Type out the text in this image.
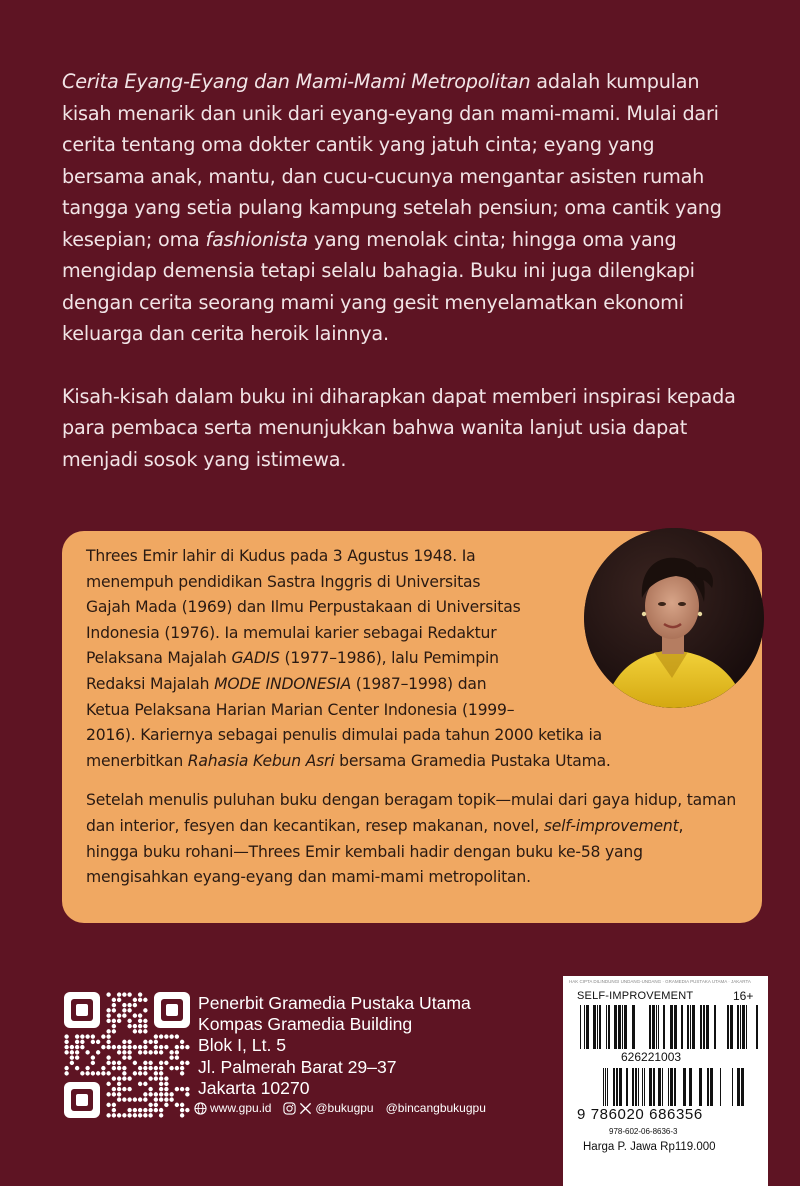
Cerita Eyang-Eyang dan Mami-Mami Metropolitan adalah kumpulan kisah menarik dan unik dari eyang-eyang dan mami-mami. Mulai dari cerita tentang oma dokter cantik yang jatuh cinta; eyang yang bersama anak, mantu, dan cucu-cucunya mengantar asisten rumah tangga yang setia pulang kampung setelah pensiun; oma cantik yang kesepian; oma fashionista yang menolak cinta; hingga oma yang mengidap demensia tetapi selalu bahagia. Buku ini juga dilengkapi dengan cerita seorang mami yang gesit menyelamatkan ekonomi keluarga dan cerita heroik lainnya.

Kisah-kisah dalam buku ini diharapkan dapat memberi inspirasi kepada para pembaca serta menunjukkan bahwa wanita lanjut usia dapat menjadi sosok yang istimewa.

Threes Emir lahir di Kudus pada 3 Agustus 1948. Ia
menempuh pendidikan Sastra Inggris di Universitas
Gajah Mada (1969) dan Ilmu Perpustakaan di Universitas
Indonesia (1976). Ia memulai karier sebagai Redaktur
Pelaksana Majalah GADIS (1977–1986), lalu Pemimpin
Redaksi Majalah MODE INDONESIA (1987–1998) dan
Ketua Pelaksana Harian Marian Center Indonesia (1999–
2016). Kariernya sebagai penulis dimulai pada tahun 2000 ketika ia
menerbitkan Rahasia Kebun Asri bersama Gramedia Pustaka Utama.

Setelah menulis puluhan buku dengan beragam topik—mulai dari gaya hidup, taman dan interior, fesyen dan kecantikan, resep makanan, novel, self-improvement, hingga buku rohani—Threes Emir kembali hadir dengan buku ke-58 yang mengisahkan eyang-eyang dan mami-mami metropolitan.

Penerbit Gramedia Pustaka Utama
Kompas Gramedia Building
Blok I, Lt. 5
Jl. Palmerah Barat 29–37
Jakarta 10270
www.gpu.id	@bukugpu @bincangbukugpu
HAK CIPTA DILINDUNGI UNDANG-UNDANG · GRAMEDIA PUSTAKA UTAMA · JAKARTA
SELF-IMPROVEMENT	16+
626221003
9 786020 686356
978-602-06-8636-3
Harga P. Jawa Rp119.000
